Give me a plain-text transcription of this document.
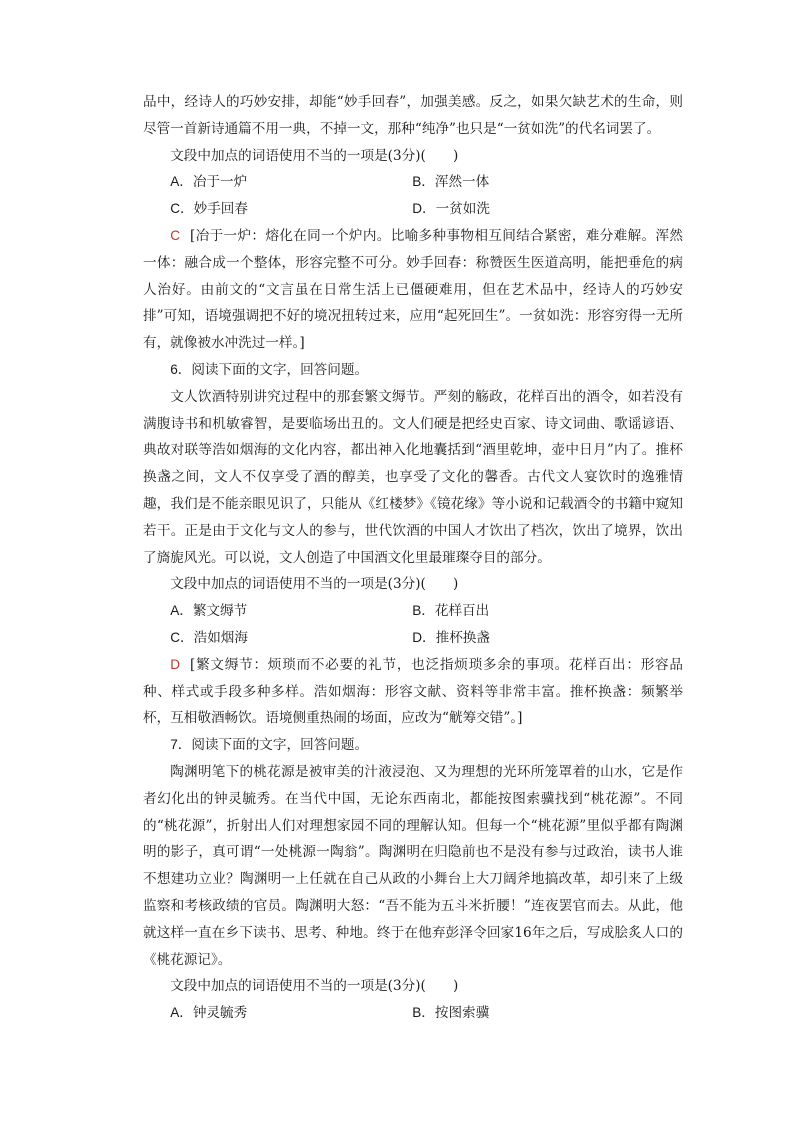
品中，经诗人的巧妙安排，却能“妙手回春”，加强美感。反之，如果欠缺艺术的生命，则尽管一首新诗通篇不用一典，不掉一文，那种“纯净”也只是“一贫如洗”的代名词罢了。

文段中加点的词语使用不当的一项是(3分)(　　)

A．冶于一炉	B．浑然一体
C．妙手回春	D．一贫如洗

C [冶于一炉：熔化在同一个炉内。比喻多种事物相互间结合紧密，难分难解。浑然一体：融合成一个整体，形容完整不可分。妙手回春：称赞医生医道高明，能把垂危的病人治好。由前文的“文言虽在日常生活上已僵硬难用，但在艺术品中，经诗人的巧妙安排”可知，语境强调把不好的境况扭转过来，应用“起死回生”。一贫如洗：形容穷得一无所有，就像被水冲洗过一样。]

6．阅读下面的文字，回答问题。

文人饮酒特别讲究过程中的那套繁文缛节。严刻的觞政，花样百出的酒令，如若没有满腹诗书和机敏睿智，是要临场出丑的。文人们硬是把经史百家、诗文词曲、歌谣谚语、典故对联等浩如烟海的文化内容，都出神入化地囊括到“酒里乾坤，壶中日月”内了。推杯换盏之间，文人不仅享受了酒的醇美，也享受了文化的馨香。古代文人宴饮时的逸雅情趣，我们是不能亲眼见识了，只能从《红楼梦》《镜花缘》等小说和记载酒令的书籍中窥知若干。正是由于文化与文人的参与，世代饮酒的中国人才饮出了档次，饮出了境界，饮出了旖旎风光。可以说，文人创造了中国酒文化里最璀璨夺目的部分。

文段中加点的词语使用不当的一项是(3分)(　　)

A．繁文缛节	B．花样百出
C．浩如烟海	D．推杯换盏

D [繁文缛节：烦琐而不必要的礼节，也泛指烦琐多余的事项。花样百出：形容品种、样式或手段多种多样。浩如烟海：形容文献、资料等非常丰富。推杯换盏：频繁举杯，互相敬酒畅饮。语境侧重热闹的场面，应改为“觥筹交错”。]

7．阅读下面的文字，回答问题。

陶渊明笔下的桃花源是被审美的汁液浸泡、又为理想的光环所笼罩着的山水，它是作者幻化出的钟灵毓秀。在当代中国，无论东西南北，都能按图索骥找到“桃花源”。不同的“桃花源”，折射出人们对理想家园不同的理解认知。但每一个“桃花源”里似乎都有陶渊明的影子，真可谓“一处桃源一陶翁”。陶渊明在归隐前也不是没有参与过政治，读书人谁不想建功立业？陶渊明一上任就在自己从政的小舞台上大刀阔斧地搞改革，却引来了上级监察和考核政绩的官员。陶渊明大怒：“吾不能为五斗米折腰！”连夜罢官而去。从此，他就这样一直在乡下读书、思考、种地。终于在他弃彭泽令回家16年之后，写成脍炙人口的《桃花源记》。

文段中加点的词语使用不当的一项是(3分)(　　)

A．钟灵毓秀	B．按图索骥
